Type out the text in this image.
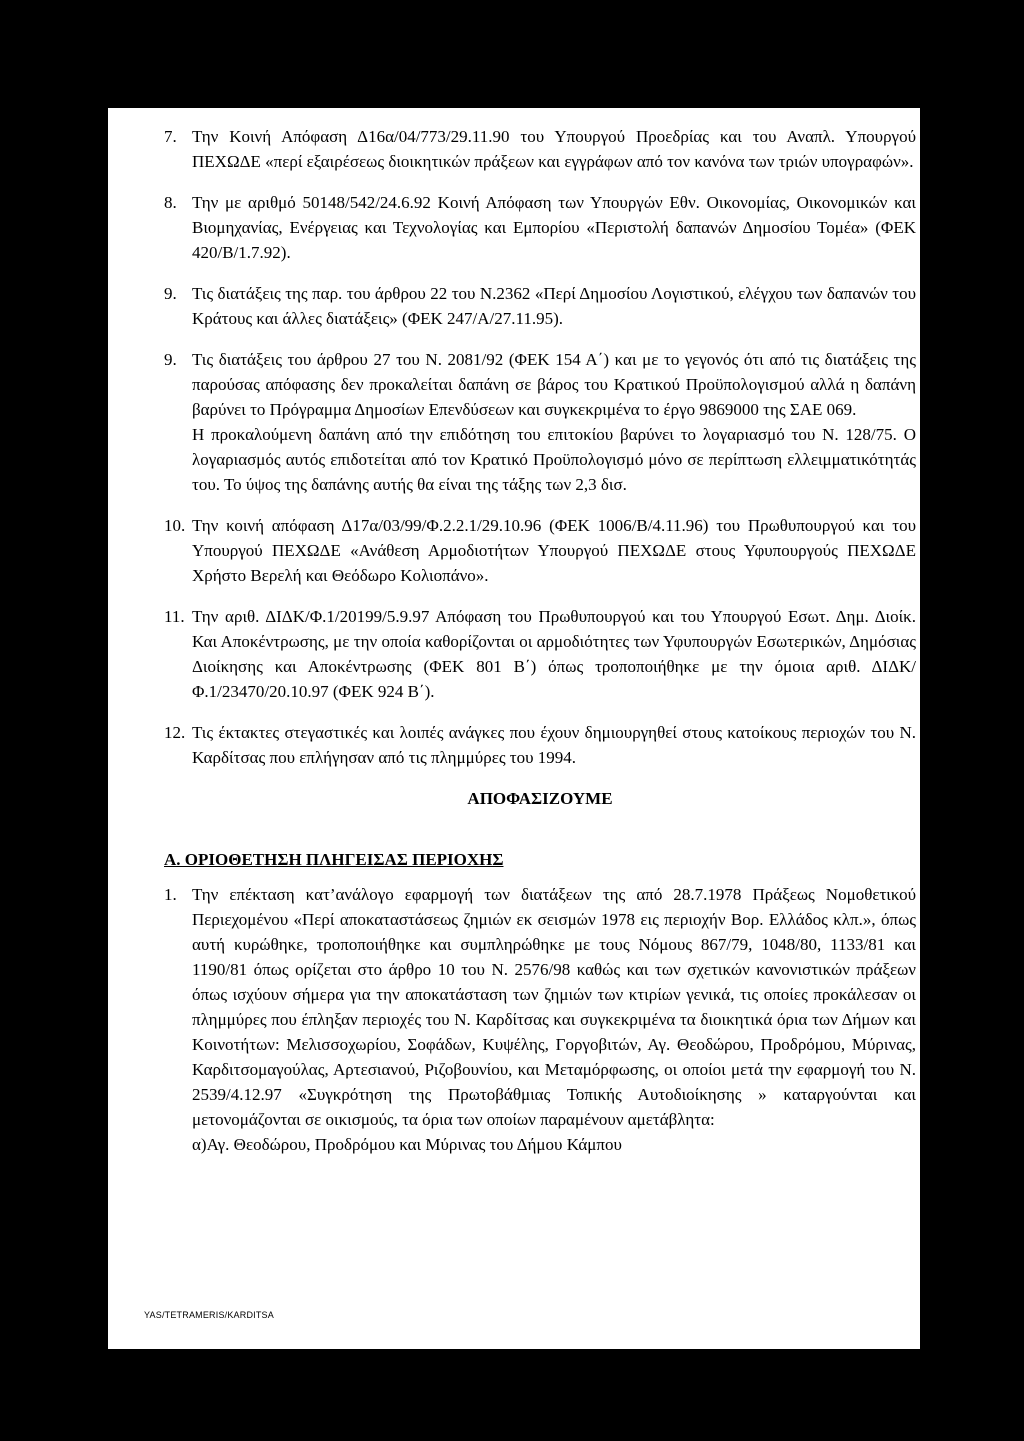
7. Την Κοινή Απόφαση Δ16α/04/773/29.11.90 του Υπουργού Προεδρίας και του Αναπλ. Υπουργού ΠΕΧΩΔΕ «περί εξαιρέσεως διοικητικών πράξεων και εγγράφων από τον κανόνα των τριών υπογραφών».

8. Την με αριθμό 50148/542/24.6.92 Κοινή Απόφαση των Υπουργών Εθν. Οικονομίας, Οικονομικών και Βιομηχανίας, Ενέργειας και Τεχνολογίας και Εμπορίου «Περιστολή δαπανών Δημοσίου Τομέα» (ΦΕΚ 420/Β/1.7.92).

9. Τις διατάξεις της παρ. του άρθρου 22 του Ν.2362 «Περί Δημοσίου Λογιστικού, ελέγχου των δαπανών του Κράτους και άλλες διατάξεις» (ΦΕΚ 247/Α/27.11.95).

9. Τις διατάξεις του άρθρου 27 του Ν. 2081/92 (ΦΕΚ 154 Α΄) και με το γεγονός ότι από τις διατάξεις της παρούσας απόφασης δεν προκαλείται δαπάνη σε βάρος του Κρατικού Προϋπολογισμού αλλά η δαπάνη βαρύνει το Πρόγραμμα Δημοσίων Επενδύσεων και συγκεκριμένα το έργο 9869000 της ΣΑΕ 069.

Η προκαλούμενη δαπάνη από την επιδότηση του επιτοκίου βαρύνει το λογαριασμό του Ν. 128/75. Ο λογαριασμός αυτός επιδοτείται από τον Κρατικό Προϋπολογισμό μόνο σε περίπτωση ελλειμματικότητάς του. Το ύψος της δαπάνης αυτής θα είναι της τάξης των 2,3 δισ.

10. Την κοινή απόφαση Δ17α/03/99/Φ.2.2.1/29.10.96 (ΦΕΚ 1006/Β/4.11.96) του Πρωθυπουργού και του Υπουργού ΠΕΧΩΔΕ «Ανάθεση Αρμοδιοτήτων Υπουργού ΠΕΧΩΔΕ στους Υφυπουργούς ΠΕΧΩΔΕ Χρήστο Βερελή και Θεόδωρο Κολιοπάνο».

11. Την αριθ. ΔΙΔΚ/Φ.1/20199/5.9.97 Απόφαση του Πρωθυπουργού και του Υπουργού Εσωτ. Δημ. Διοίκ. Και Αποκέντρωσης, με την οποία καθορίζονται οι αρμοδιότητες των Υφυπουργών Εσωτερικών, Δημόσιας Διοίκησης και Αποκέντρωσης (ΦΕΚ 801 Β΄) όπως τροποποιήθηκε με την όμοια αριθ. ΔΙΔΚ/Φ.1/23470/20.10.97 (ΦΕΚ 924 Β΄).

12. Τις έκτακτες στεγαστικές και λοιπές ανάγκες που έχουν δημιουργηθεί στους κατοίκους περιοχών του Ν. Καρδίτσας που επλήγησαν από τις πλημμύρες του 1994.

ΑΠΟΦΑΣΙΖΟΥΜΕ
Α. ΟΡΙΟΘΕΤΗΣΗ ΠΛΗΓΕΙΣΑΣ ΠΕΡΙΟΧΗΣ
1. Την επέκταση κατ’ανάλογο εφαρμογή των διατάξεων της από 28.7.1978 Πράξεως Νομοθετικού Περιεχομένου «Περί αποκαταστάσεως ζημιών εκ σεισμών 1978 εις περιοχήν Βορ. Ελλάδος κλπ.», όπως αυτή κυρώθηκε, τροποποιήθηκε και συμπληρώθηκε με τους Νόμους 867/79, 1048/80, 1133/81 και 1190/81 όπως ορίζεται στο άρθρο 10 του Ν. 2576/98 καθώς και των σχετικών κανονιστικών πράξεων όπως ισχύουν σήμερα για την αποκατάσταση των ζημιών των κτιρίων γενικά, τις οποίες προκάλεσαν οι πλημμύρες που έπληξαν περιοχές του Ν. Καρδίτσας και συγκεκριμένα τα διοικητικά όρια των Δήμων και Κοινοτήτων: Μελισσοχωρίου, Σοφάδων, Κυψέλης, Γοργοβιτών, Αγ. Θεοδώρου, Προδρόμου, Μύρινας, Καρδιτσομαγούλας, Αρτεσιανού, Ριζοβουνίου, και Μεταμόρφωσης, οι οποίοι μετά την εφαρμογή του Ν. 2539/4.12.97 «Συγκρότηση της Πρωτοβάθμιας Τοπικής Αυτοδιοίκησης » καταργούνται και μετονομάζονται σε οικισμούς, τα όρια των οποίων παραμένουν αμετάβλητα:

α)Αγ. Θεοδώρου, Προδρόμου και Μύρινας του Δήμου Κάμπου

YAS/TETRAMERIS/KARDITSA
